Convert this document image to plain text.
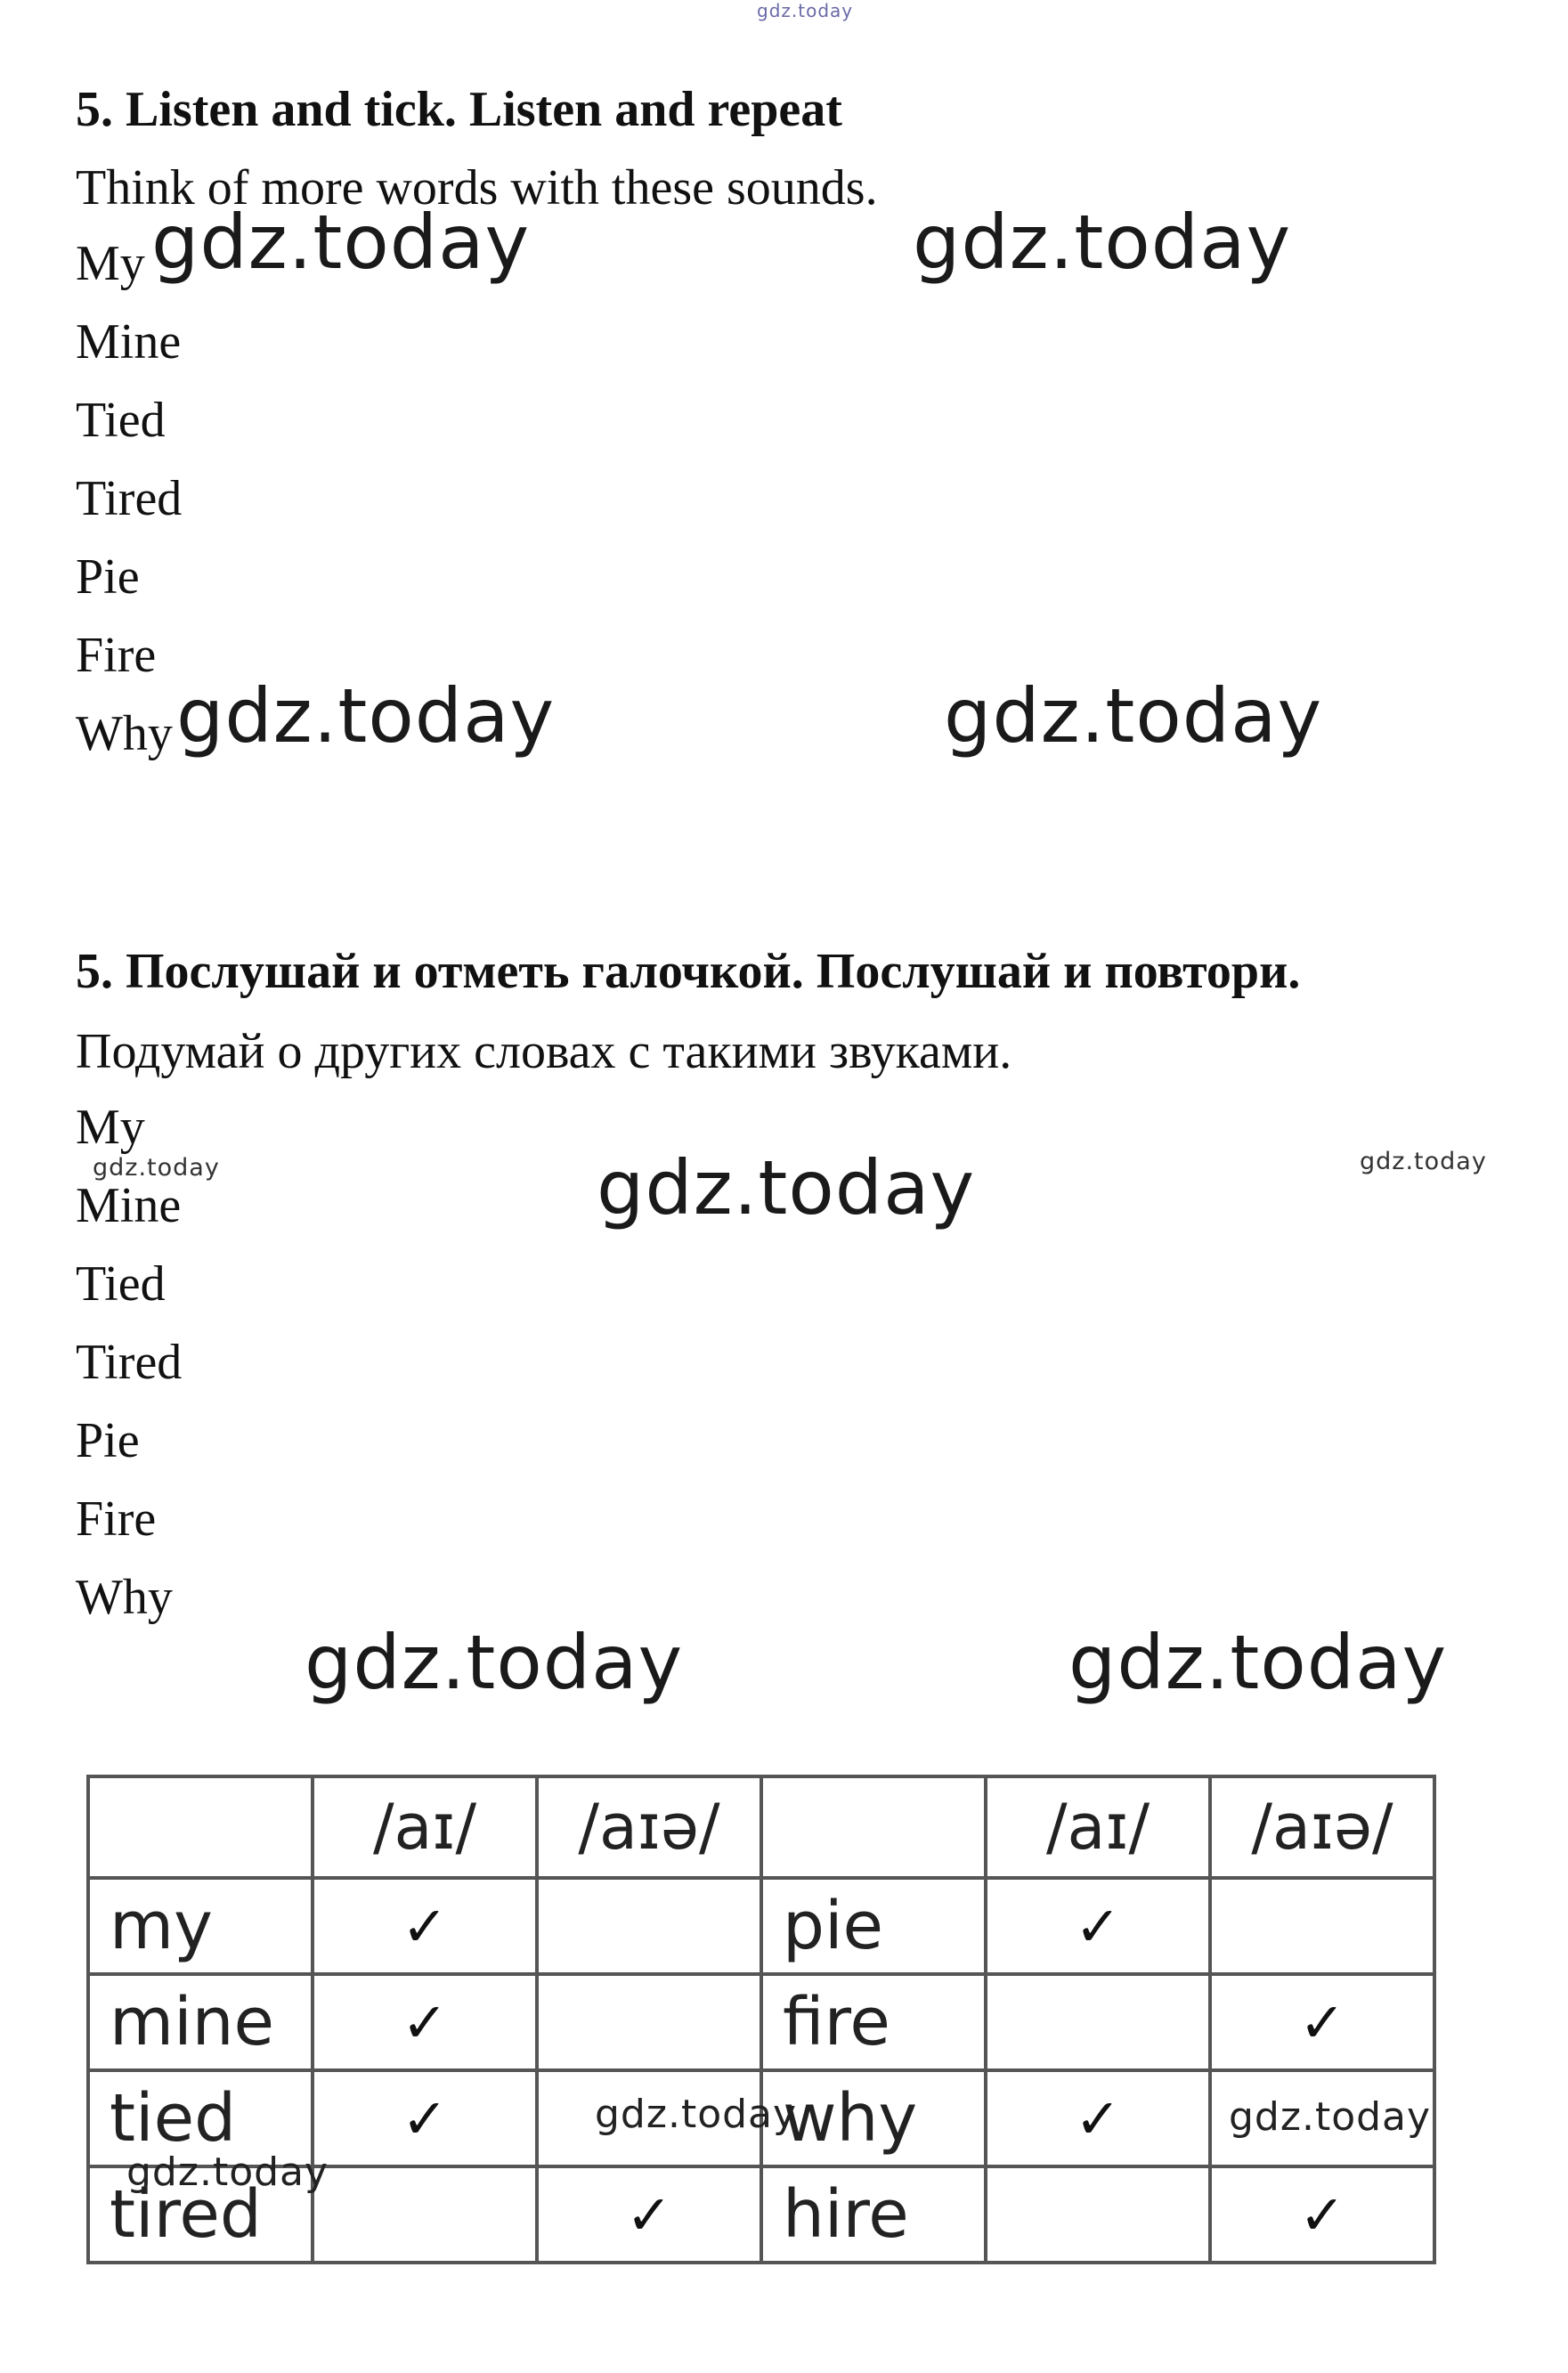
gdz.today
5. Listen and tick. Listen and repeat
Think of more words with these sounds.
My
Mine
Tied
Tired
Pie
Fire
Why
5. Послушай и отметь галочкой. Послушай и повтори.
Подумай о других словах с такими звуками.
My
Mine
Tied
Tired
Pie
Fire
Why
	/aɪ/	/aɪə/		/aɪ/	/aɪə/
my	✓		pie	✓	
mine	✓		fire		✓
tied	✓		why	✓	
tired		✓	hire		✓
gdz.today	gdz.today
gdz.today	gdz.today
gdz.today	gdz.today	gdz.today
gdz.today	gdz.today
gdz.today	gdz.today
gdz.today
